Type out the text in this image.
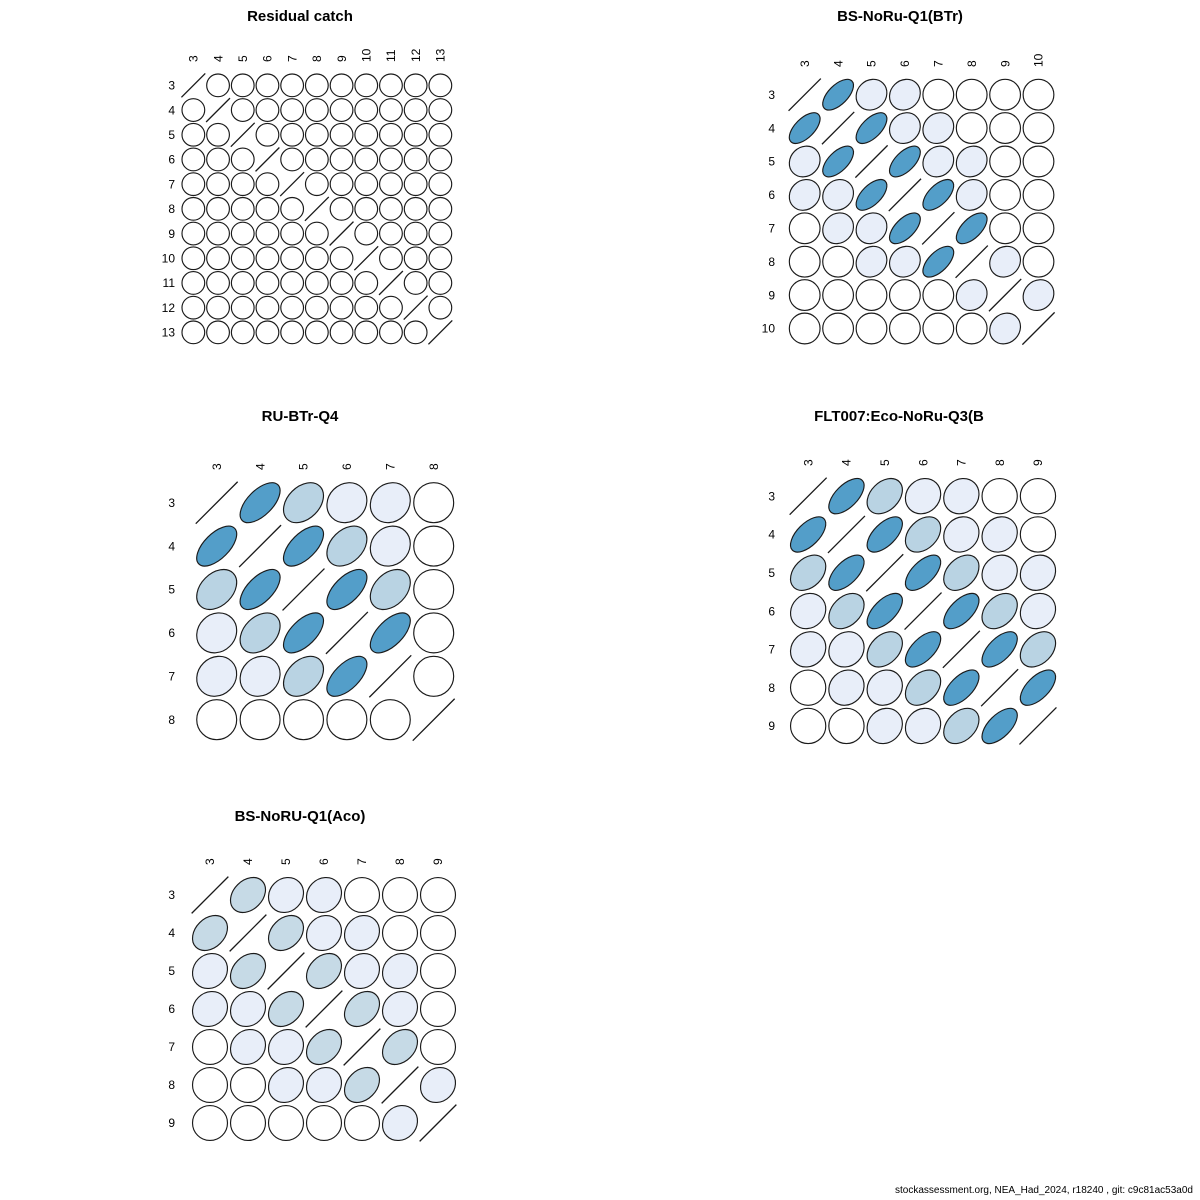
3 4 5 6 7 8 9 10 11 12 13
3
4
5
6
7
8
9
10
11
12
13
3 4 5 6 7 8 9 10
3
4
5
6
7
8
9
10
3 4 5 6 7 8
3
4
5
6
7
8
3 4 5 6 7 8 9
3
4
5
6
7
8
9
3 4 5 6 7 8 9
3
4
5
6
7
8
9
Residual catch	BS-NoRu-Q1(BTr)
RU-BTr-Q4	FLT007:Eco-NoRu-Q3(B
BS-NoRU-Q1(Aco)
stockassessment.org, NEA_Had_2024, r18240 , git: c9c81ac53a0d
